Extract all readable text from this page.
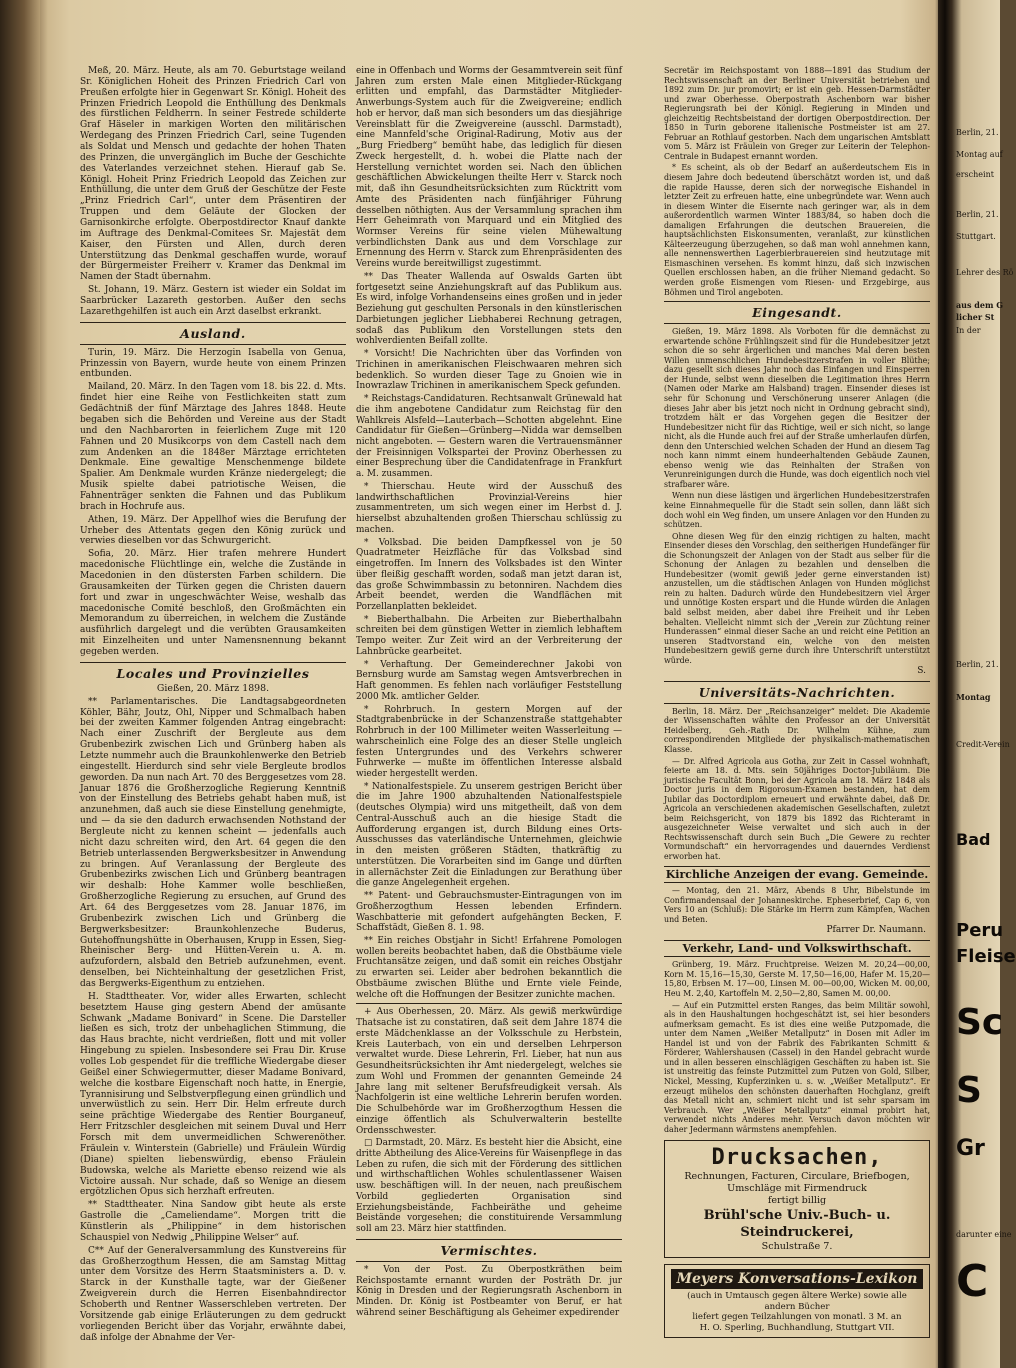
Meß, 20. März. Heute, als am 70. Geburtstage weiland Sr. Königlichen Hoheit des Prinzen Friedrich Carl von Preußen erfolgte hier in Gegenwart Sr. Königl. Hoheit des Prinzen Friedrich Leopold die Enthüllung des Denkmals des fürstlichen Feldherrn. In seiner Festrede schilderte Graf Häseler in markigen Worten den militärischen Werdegang des Prinzen Friedrich Carl, seine Tugenden als Soldat und Mensch und gedachte der hohen Thaten des Prinzen, die unvergänglich im Buche der Geschichte des Vaterlandes verzeichnet stehen. Hierauf gab Se. Königl. Hoheit Prinz Friedrich Leopold das Zeichen zur Enthüllung, die unter dem Gruß der Geschütze der Feste „Prinz Friedrich Carl“, unter dem Präsentiren der Truppen und dem Geläute der Glocken der Garnisonkirche erfolgte. Oberpostdirector Knauf dankte im Auftrage des Denkmal-Comitees Sr. Majestät dem Kaiser, den Fürsten und Allen, durch deren Unterstützung das Denkmal geschaffen wurde, worauf der Bürgermeister Freiherr v. Kramer das Denkmal im Namen der Stadt übernahm.

St. Johann, 19. März. Gestern ist wieder ein Soldat im Saarbrücker Lazareth gestorben. Außer den sechs Lazarethgehilfen ist auch ein Arzt daselbst erkrankt.

Ausland.

Turin, 19. März. Die Herzogin Isabella von Genua, Prinzessin von Bayern, wurde heute von einem Prinzen entbunden.

Mailand, 20. März. In den Tagen vom 18. bis 22. d. Mts. findet hier eine Reihe von Festlichkeiten statt zum Gedächtniß der fünf Märztage des Jahres 1848. Heute begaben sich die Behörden und Vereine aus der Stadt und den Nachbarorten in feierlichem Zuge mit 120 Fahnen und 20 Musikcorps von dem Castell nach dem zum Andenken an die 1848er Märztage errichteten Denkmale. Eine gewaltige Menschenmenge bildete Spalier. Am Denkmale wurden Kränze niedergelegt; die Musik spielte dabei patriotische Weisen, die Fahnenträger senkten die Fahnen und das Publikum brach in Hochrufe aus.

Athen, 19. März. Der Appellhof wies die Berufung der Urheber des Attentats gegen den König zurück und verwies dieselben vor das Schwurgericht.

Sofia, 20. März. Hier trafen mehrere Hundert macedonische Flüchtlinge ein, welche die Zustände in Macedonien in den düstersten Farben schildern. Die Grausamkeiten der Türken gegen die Christen dauern fort und zwar in ungeschwächter Weise, weshalb das macedonische Comité beschloß, den Großmächten ein Memorandum zu überreichen, in welchem die Zustände ausführlich dargelegt und die verübten Grausamkeiten mit Einzelheiten und unter Namensnennung bekannt gegeben werden.

Locales und Provinzielles
Gießen, 20. März 1898.

** Parlamentarisches. Die Landtagsabgeordneten Köhler, Bähr, Joutz, Ohl, Nipper und Schmalbach haben bei der zweiten Kammer folgenden Antrag eingebracht: Nach einer Zuschrift der Bergleute aus dem Grubenbezirk zwischen Lich und Grünberg haben als Letzte nummehr auch die Braunkohlenwerke den Betrieb eingestellt. Hierdurch sind sehr viele Bergleute brodlos geworden. Da nun nach Art. 70 des Berggesetzes vom 28. Januar 1876 die Großherzogliche Regierung Kenntniß von der Einstellung des Betriebs gehabt haben muß, ist anzunehmen, daß auch sie diese Einstellung genehmigte, und — da sie den dadurch erwachsenden Nothstand der Bergleute nicht zu kennen scheint — jedenfalls auch nicht dazu schreiten wird, den Art. 64 gegen die den Betrieb unterlassenden Bergwerksbesitzer in Anwendung zu bringen. Auf Veranlassung der Bergleute des Grubenbezirks zwischen Lich und Grünberg beantragen wir deshalb: Hohe Kammer wolle beschließen, Großherzogliche Regierung zu ersuchen, auf Grund des Art. 64 des Berggesetzes vom 28. Januar 1876, im Grubenbezirk zwischen Lich und Grünberg die Bergwerksbesitzer: Braunkohlenzeche Buderus, Gutehoffnungshütte in Oberhausen, Krupp in Essen, Sieg-Rheinischer Berg- und Hütten-Verein u. A. m. aufzufordern, alsbald den Betrieb aufzunehmen, event. denselben, bei Nichteinhaltung der gesetzlichen Frist, das Bergwerks-Eigenthum zu entziehen.

H. Stadttheater. Vor, wider alles Erwarten, schlecht besetztem Hause ging gestern Abend der amüsante Schwank „Madame Bonivard“ in Scene. Die Darsteller ließen es sich, trotz der unbehaglichen Stimmung, die das Haus brachte, nicht verdrießen, flott und mit voller Hingebung zu spielen. Insbesondere sei Frau Dir. Kruse volles Lob gespendet für die treffliche Wiedergabe dieser Geißel einer Schwiegermutter, dieser Madame Bonivard, welche die kostbare Eigenschaft noch hatte, in Energie, Tyrannisirung und Selbstverpflegung einen gründlich und unverwüstlich zu sein. Herr Dir. Helm erfreute durch seine prächtige Wiedergabe des Rentier Bourganeuf, Herr Fritzschler desgleichen mit seinem Duval und Herr Forsch mit dem unvermeidlichen Schwerenöther. Fräulein v. Winterstein (Gabrielle) und Fräulein Würdig (Diane) spielten liebenswürdig, ebenso Fräulein Budowska, welche als Mariette ebenso reizend wie als Victoire aussah. Nur schade, daß so Wenige an diesem ergötzlichen Opus sich herzhaft erfreuten.

** Stadttheater. Nina Sandow gibt heute als erste Gastrolle die „Cameliendame“. Morgen tritt die Künstlerin als „Philippine“ in dem historischen Schauspiel von Nedwig „Philippine Welser“ auf.

C** Auf der Generalversammlung des Kunstvereins für das Großherzogthum Hessen, die am Samstag Mittag unter dem Vorsitze des Herrn Staatsministers a. D. v. Starck in der Kunsthalle tagte, war der Gießener Zweigverein durch die Herren Eisenbahndirector Schoberth und Rentner Wasserschleben vertreten. Der Vorsitzende gab einige Erläuterungen zu dem gedruckt vorliegenden Bericht über das Vorjahr, erwähnte dabei, daß infolge der Abnahme der Ver-

eine in Offenbach und Worms der Gesammtverein seit fünf Jahren zum ersten Male einen Mitglieder-Rückgang erlitten und empfahl, das Darmstädter Mitglieder-Anwerbungs-System auch für die Zweigvereine; endlich hob er hervor, daß man sich besonders um das diesjährige Vereinsblatt für die Zweigvereine (ausschl. Darmstadt), eine Mannfeld'sche Original-Radirung, Motiv aus der „Burg Friedberg“ bemüht habe, das lediglich für diesen Zweck hergestellt, d. h. wobei die Platte nach der Herstellung vernichtet worden sei. Nach den üblichen geschäftlichen Abwickelungen theilte Herr v. Starck noch mit, daß ihn Gesundheitsrücksichten zum Rücktritt vom Amte des Präsidenten nach fünfjähriger Führung desselben nöthigten. Aus der Versammlung sprachen ihm Herr Geheimrath von Marquard und ein Mitglied des Wormser Vereins für seine vielen Mühewaltung verbindlichsten Dank aus und dem Vorschlage zur Ernennung des Herrn v. Starck zum Ehrenpräsidenten des Vereins wurde bereitwilligst zugestimmt.

** Das Theater Wallenda auf Oswalds Garten übt fortgesetzt seine Anziehungskraft auf das Publikum aus. Es wird, infolge Vorhandenseins eines großen und in jeder Beziehung gut geschulten Personals in den künstlerischen Darbietungen jeglicher Liebhaberei Rechnung getragen, sodaß das Publikum den Vorstellungen stets den wohlverdienten Beifall zollte.

* Vorsicht! Die Nachrichten über das Vorfinden von Trichinen in amerikanischen Fleischwaaren mehren sich bedenklich. So wurden dieser Tage zu Gnoien wie in Inowrazlaw Trichinen in amerikanischem Speck gefunden.

* Reichstags-Candidaturen. Rechtsanwalt Grünewald hat die ihm angebotene Candidatur zum Reichstag für den Wahlkreis Alsfeld—Lauterbach—Schotten abgelehnt. Eine Candidatur für Gießen—Grünberg—Nidda war demselben nicht angeboten. — Gestern waren die Vertrauensmänner der Freisinnigen Volkspartei der Provinz Oberhessen zu einer Besprechung über die Candidatenfrage in Frankfurt a. M. zusammen.

* Thierschau. Heute wird der Ausschuß des landwirthschaftlichen Provinzial-Vereins hier zusammentreten, um sich wegen einer im Herbst d. J. hierselbst abzuhaltenden großen Thierschau schlüssig zu machen.

* Volksbad. Die beiden Dampfkessel von je 50 Quadratmeter Heizfläche für das Volksbad sind eingetroffen. Im Innern des Volksbades ist den Winter über fleißig geschafft worden, sodaß man jetzt daran ist, das große Schwimmbassin zu betonniren. Nachdem dies Arbeit beendet, werden die Wandflächen mit Porzellanplatten bekleidet.

* Bieberthalbahn. Die Arbeiten zur Bieberthalbahn schreiten bei dem günstigen Wetter in ziemlich lebhaftem Tempo weiter. Zur Zeit wird an der Verbreiterung der Lahnbrücke gearbeitet.

* Verhaftung. Der Gemeinderechner Jakobi von Bernsburg wurde am Samstag wegen Amtsverbrechen in Haft genommen. Es fehlen nach vorläufiger Feststellung 2000 Mk. amtlicher Gelder.

* Rohrbruch. In gestern Morgen auf der Stadtgrabenbrücke in der Schanzenstraße stattgehabter Rohrbruch in der 100 Millimeter weiten Wasserleitung — wahrscheinlich eine Folge des an dieser Stelle ungleich festen Untergrundes und des Verkehrs schwerer Fuhrwerke — mußte im öffentlichen Interesse alsbald wieder hergestellt werden.

* Nationalfestspiele. Zu unserem gestrigen Bericht über die im Jahre 1900 abzuhaltenden Nationalfestspiele (deutsches Olympia) wird uns mitgetheilt, daß von dem Central-Ausschuß auch an die hiesige Stadt die Aufforderung ergangen ist, durch Bildung eines Orts-Ausschusses das vaterländische Unternehmen, gleichwie in den meisten größeren Städten, thatkräftig zu unterstützen. Die Vorarbeiten sind im Gange und dürften in allernächster Zeit die Einladungen zur Berathung über die ganze Angelegenheit ergehen.

** Patent- und Gebrauchsmuster-Eintragungen von im Großherzogthum Hessen lebenden Erfindern. Waschbatterie mit gefondert aufgehängten Becken, F. Schaffstädt, Gießen 8. 1. 98.

** Ein reiches Obstjahr in Sicht! Erfahrene Pomologen wollen bereits beobachtet haben, daß die Obstbäume viele Fruchtansätze zeigen, und daß somit ein reiches Obstjahr zu erwarten sei. Leider aber bedrohen bekanntlich die Obstbäume zwischen Blüthe und Ernte viele Feinde, welche oft die Hoffnungen der Besitzer zunichte machen.

+ Aus Oberhessen, 20. März. Als gewiß merkwürdige Thatsache ist zu constatiren, daß seit dem Jahre 1874 die erste Mädchenklasse an der Volksschule zu Herbstein, Kreis Lauterbach, von ein und derselben Lehrperson verwaltet wurde. Diese Lehrerin, Frl. Lieber, hat nun aus Gesundheitsrücksichten ihr Amt niedergelegt, welches sie zum Wohl und Frommen der genannten Gemeinde 24 Jahre lang mit seltener Berufsfreudigkeit versah. Als Nachfolgerin ist eine weltliche Lehrerin berufen worden. Die Schulbehörde war im Großherzogthum Hessen die einzige öffentlich als Schulverwalterin bestellte Ordensschwester.

□ Darmstadt, 20. März. Es besteht hier die Absicht, eine dritte Abtheilung des Alice-Vereins für Waisenpflege in das Leben zu rufen, die sich mit der Förderung des sittlichen und wirthschaftlichen Wohles schulentlassener Waisen usw. beschäftigen will. In der neuen, nach preußischem Vorbild gegliederten Organisation sind Erziehungsbeistände, Fachbeiräthe und geheime Beistände vorgesehen; die constituirende Versammlung soll am 23. März hier stattfinden.

Vermischtes.

* Von der Post. Zu Oberpostkräthen beim Reichspostamte ernannt wurden der Posträth Dr. jur König in Dresden und der Regierungsrath Aschenborn in Minden. Dr. König ist Postbeamter von Beruf, er hat während seiner Beschäftigung als Geheimer expedirender

Secretär im Reichspostamt von 1888—1891 das Studium der Rechtswissenschaft an der Berliner Universität betrieben und 1892 zum Dr. jur promovirt; er ist ein geb. Hessen-Darmstädter und zwar Oberhesse. Oberpostrath Aschenborn war bisher Regierungsrath bei der Königl. Regierung in Minden und gleichzeitig Rechtsbeistand der dortigen Oberpostdirection. Der 1850 in Turin geborene italienische Postmeister ist am 27. Februar an Rothlauf gestorben. Nach dem ungarischen Amtsblatt vom 5. März ist Fräulein von Greger zur Leiterin der Telephon-Centrale in Budapest ernannt worden.

* Es scheint, als ob der Bedarf an außerdeutschem Eis in diesem Jahre doch bedeutend überschätzt worden ist, und daß die rapide Hausse, deren sich der norwegische Eishandel in letzter Zeit zu erfreuen hatte, eine unbegründete war. Wenn auch in diesem Winter die Eisernte nach geringer war, als in dem außerordentlich warmen Winter 1883/84, so haben doch die damaligen Erfahrungen die deutschen Brauereien, die hauptsächlichsten Eiskonsumenten, veranlaßt, zur künstlichen Kälteerzeugung überzugehen, so daß man wohl annehmen kann, alle nennenswerthen Lagerbierbrauereien sind heutzutage mit Eismaschinen versehen. Es kommt hinzu, daß sich inzwischen Quellen erschlossen haben, an die früher Niemand gedacht. So werden große Eismengen vom Riesen- und Erzgebirge, aus Böhmen und Tirol angeboten.

Eingesandt.

Gießen, 19. März 1898. Als Vorboten für die demnächst zu erwartende schöne Frühlingszeit sind für die Hundebesitzer jetzt schon die so sehr ärgerlichen und manches Mal deren besten Willen unmenschlichen Hundebesitzerstrafen in voller Blüthe; dazu gesellt sich dieses Jahr noch das Einfangen und Einsperren der Hunde, selbst wenn dieselben die Legitimation ihres Herrn (Namen oder Marke am Halsband) tragen. Einsender dieses ist sehr für Schonung und Verschönerung unserer Anlagen (die dieses Jahr aber bis jetzt noch nicht in Ordnung gebracht sind), trotzdem hält er das Vorgehen gegen die Besitzer der Hundebesitzer nicht für das Richtige, weil er sich nicht, so lange nicht, als die Hunde auch frei auf der Straße umherlaufen dürfen, denn den Unterschied welchen Schaden der Hund an diesem Tag noch kann nimmt einem hundeerhaltenden Gebäude Zaunen, ebenso wenig wie das Reinhalten der Straßen von Verunreinigungen durch die Hunde, was doch eigentlich noch viel strafbarer wäre.

Wenn nun diese lästigen und ärgerlichen Hundebesitzerstrafen keine Einnahmequelle für die Stadt sein sollen, dann läßt sich doch wohl ein Weg finden, um unsere Anlagen vor den Hunden zu schützen.

Ohne diesen Weg für den einzig richtigen zu halten, macht Einsender dieses den Vorschlag, den seitherigen Hundefänger für die Schonungszeit der Anlagen von der Stadt aus selber für die Schonung der Anlagen zu bezahlen und denselben die Hundebesitzer (womit gewiß jeder gerne einverstanden ist) anzustellen, um die städtischen Anlagen von Hunden möglichst rein zu halten. Dadurch würde den Hundebesitzern viel Ärger und unnötige Kosten erspart und die Hunde würden die Anlagen bald selbst meiden, aber dabei ihre Freiheit und ihr Leben behalten. Vielleicht nimmt sich der „Verein zur Züchtung reiner Hunderassen“ einmal dieser Sache an und reicht eine Petition an unseren Stadtvorstand ein, welche von den meisten Hundebesitzern gewiß gerne durch ihre Unterschrift unterstützt würde.

S.
Universitäts-Nachrichten.

Berlin, 18. März. Der „Reichsanzeiger“ meldet: Die Akademie der Wissenschaften wählte den Professor an der Universität Heidelberg, Geh.-Rath Dr. Wilhelm Kühne, zum correspondirenden Mitgliede der physikalisch-mathematischen Klasse.

— Dr. Alfred Agricola aus Gotha, zur Zeit in Cassel wohnhaft, feierte am 18. d. Mts. sein 50jähriges Doctor-Jubiläum. Die juristische Facultät Bonn, bei der Agricola am 18. März 1848 als Doctor juris in dem Rigorosum-Examen bestanden, hat dem Jubilar das Doctordiplom erneuert und erwähnte dabei, daß Dr. Agricola an verschiedenen akademischen Gesellschaften, zuletzt beim Reichsgericht, von 1879 bis 1892 das Richteramt in ausgezeichneter Weise verwaltet und sich auch in der Rechtswissenschaft durch sein Buch „Die Gewere zu rechter Vormundschaft“ ein hervorragendes und dauerndes Verdienst erworben hat.

Kirchliche Anzeigen der evang. Gemeinde.

— Montag, den 21. März, Abends 8 Uhr, Bibelstunde im Confirmandensaal der Johanneskirche. Epheserbrief, Cap 6, von Vers 10 an (Schluß): Die Stärke im Herrn zum Kämpfen, Wachen und Beten.

Pfarrer Dr. Naumann.
Verkehr, Land- und Volkswirthschaft.

Grünberg, 19. März. Fruchtpreise. Weizen M. 20,24—00,00, Korn M. 15,16—15,30, Gerste M. 17,50—16,00, Hafer M. 15,20—15,80, Erbsen M. 17—00, Linsen M. 00—00,00, Wicken M. 00,00, Heu M. 2,40, Kartoffeln M. 2,50—2,80, Samen M. 00,00.

— Auf ein Putzmittel ersten Ranges, das beim Militär sowohl, als in den Haushaltungen hochgeschätzt ist, sei hier besonders aufmerksam gemacht. Es ist dies eine weiße Putzpomade, die unter dem Namen „Weißer Metallputz“ in Dosen mit Adler im Handel ist und von der Fabrik des Fabrikanten Schmitt & Förderer, Wahlershausen (Cassel) in den Handel gebracht wurde und in allen besseren einschlägigen Geschäften zu haben ist. Sie ist unstreitig das feinste Putzmittel zum Putzen von Gold, Silber, Nickel, Messing, Kupferzinken u. s. w. „Weißer Metallputz“. Er erzeugt mühelos den schönsten dauerhaften Hochglanz, greift das Metall nicht an, schmiert nicht und ist sehr sparsam im Verbrauch. Wer „Weißer Metallputz“ einmal probirt hat, verwendet nichts Anderes mehr. Versuch davon möchten wir daher Jedermann wärmstens anempfehlen.

Drucksachen,
Rechnungen, Facturen, Circulare, Briefbogen,
Umschläge mit Firmendruck
fertigt billig
Brühl'sche Univ.-Buch- u. Steindruckerei,
Schulstraße 7.
Meyers Konversations-Lexikon
(auch in Umtausch gegen ältere Werke) sowie alle andern Bücher
liefert gegen Teilzahlungen von monatl. 3 M. an
H. O. Sperling, Buchhandlung, Stuttgart VII.
Berlin, 21.
Montag auf
erscheint
Berlin, 21.
Stuttgart.
Lehrer des Rö
aus dem G
licher St
In der
Berlin, 21.
Montag
Credit-Verein
Bad
Peru
Fleise
Sc
S
Gr
darunter eine
C
